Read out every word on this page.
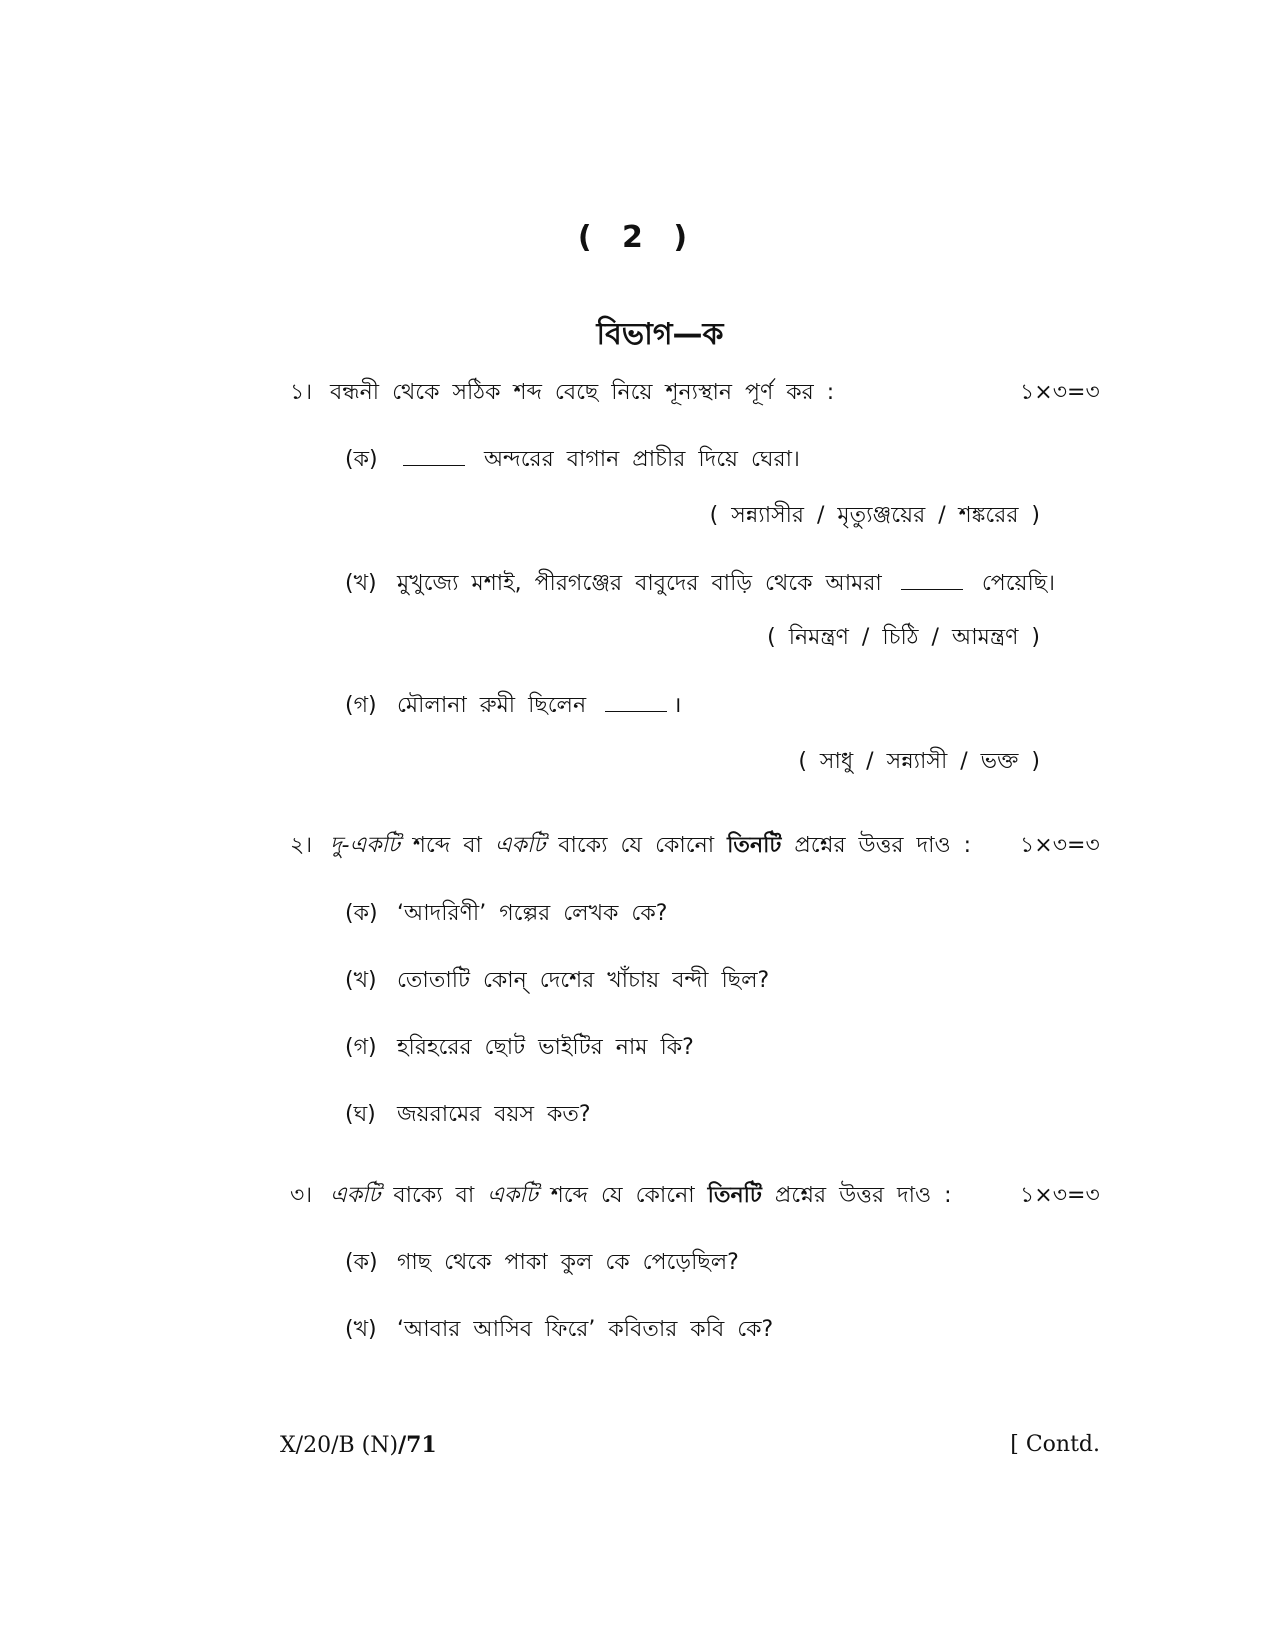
( 2 )
বিভাগ—ক
১। বন্ধনী থেকে সঠিক শব্দ বেছে নিয়ে শূন্যস্থান পূর্ণ কর :	১×৩=৩
(ক)	অন্দরের বাগান প্রাচীর দিয়ে ঘেরা।
( সন্ন্যাসীর / মৃত্যুঞ্জয়ের / শঙ্করের )
(খ) মুখুজ্যে মশাই, পীরগঞ্জের বাবুদের বাড়ি থেকে আমরা	পেয়েছি।
( নিমন্ত্রণ / চিঠি / আমন্ত্রণ )
(গ) মৌলানা রুমী ছিলেন	।
( সাধু / সন্ন্যাসী / ভক্ত )
২। দু-একটি শব্দে বা একটি বাক্যে যে কোনো তিনটি প্রশ্নের উত্তর দাও : ১×৩=৩
(ক) ‘আদরিণী’ গল্পের লেখক কে?
(খ) তোতাটি কোন্ দেশের খাঁচায় বন্দী ছিল?
(গ) হরিহরের ছোট ভাইটির নাম কি?
(ঘ) জয়রামের বয়স কত?
৩। একটি বাক্যে বা একটি শব্দে যে কোনো তিনটি প্রশ্নের উত্তর দাও :	১×৩=৩
(ক) গাছ থেকে পাকা কুল কে পেড়েছিল?
(খ) ‘আবার আসিব ফিরে’ কবিতার কবি কে?
X/20/B (N)/71	[ Contd.
